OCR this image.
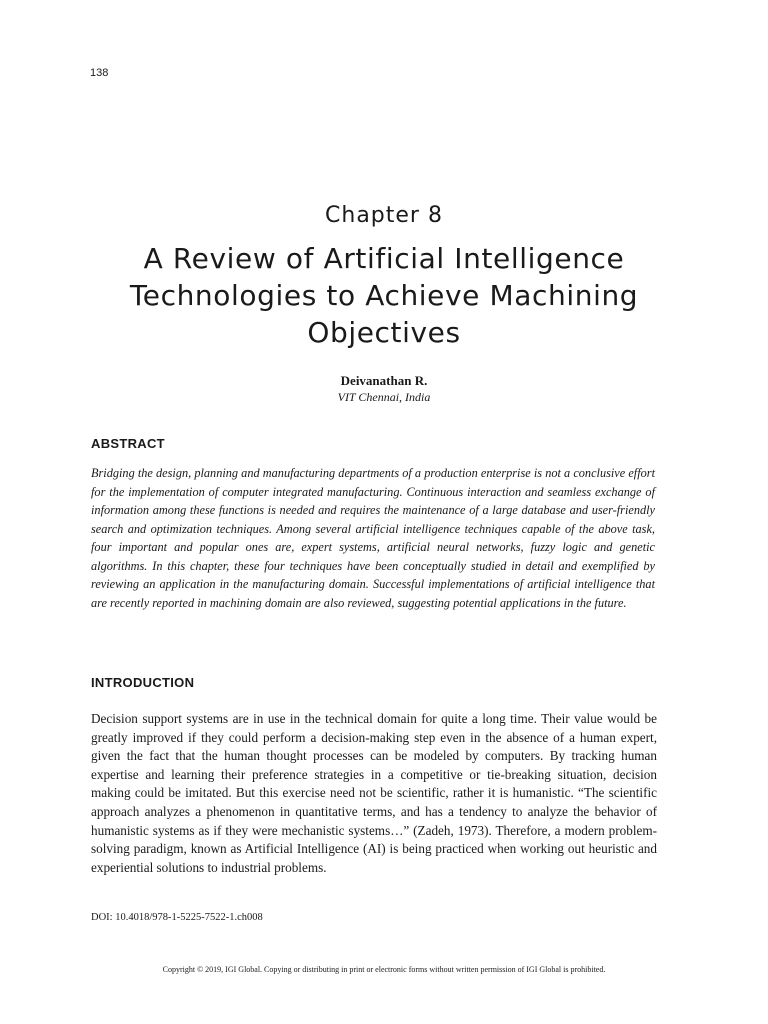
138
Chapter 8
A Review of Artificial Intelligence Technologies to Achieve Machining Objectives
Deivanathan R.
VIT Chennai, India
ABSTRACT

Bridging the design, planning and manufacturing departments of a production enterprise is not a conclusive effort for the implementation of computer integrated manufacturing. Continuous interaction and seamless exchange of information among these functions is needed and requires the maintenance of a large database and user-friendly search and optimization techniques. Among several artificial intelligence techniques capable of the above task, four important and popular ones are, expert systems, artificial neural networks, fuzzy logic and genetic algorithms. In this chapter, these four techniques have been conceptually studied in detail and exemplified by reviewing an application in the manufacturing domain. Successful implementations of artificial intelligence that are recently reported in machining domain are also reviewed, suggesting potential applications in the future.

INTRODUCTION

Decision support systems are in use in the technical domain for quite a long time. Their value would be greatly improved if they could perform a decision-making step even in the absence of a human expert, given the fact that the human thought processes can be modeled by computers. By tracking human expertise and learning their preference strategies in a competitive or tie-breaking situation, decision making could be imitated. But this exercise need not be scientific, rather it is humanistic. “The scientific approach analyzes a phenomenon in quantitative terms, and has a tendency to analyze the behavior of humanistic systems as if they were mechanistic systems…” (Zadeh, 1973). Therefore, a modern problem-solving paradigm, known as Artificial Intelligence (AI) is being practiced when working out heuristic and experiential solutions to industrial problems.

DOI: 10.4018/978-1-5225-7522-1.ch008
Copyright © 2019, IGI Global. Copying or distributing in print or electronic forms without written permission of IGI Global is prohibited.
